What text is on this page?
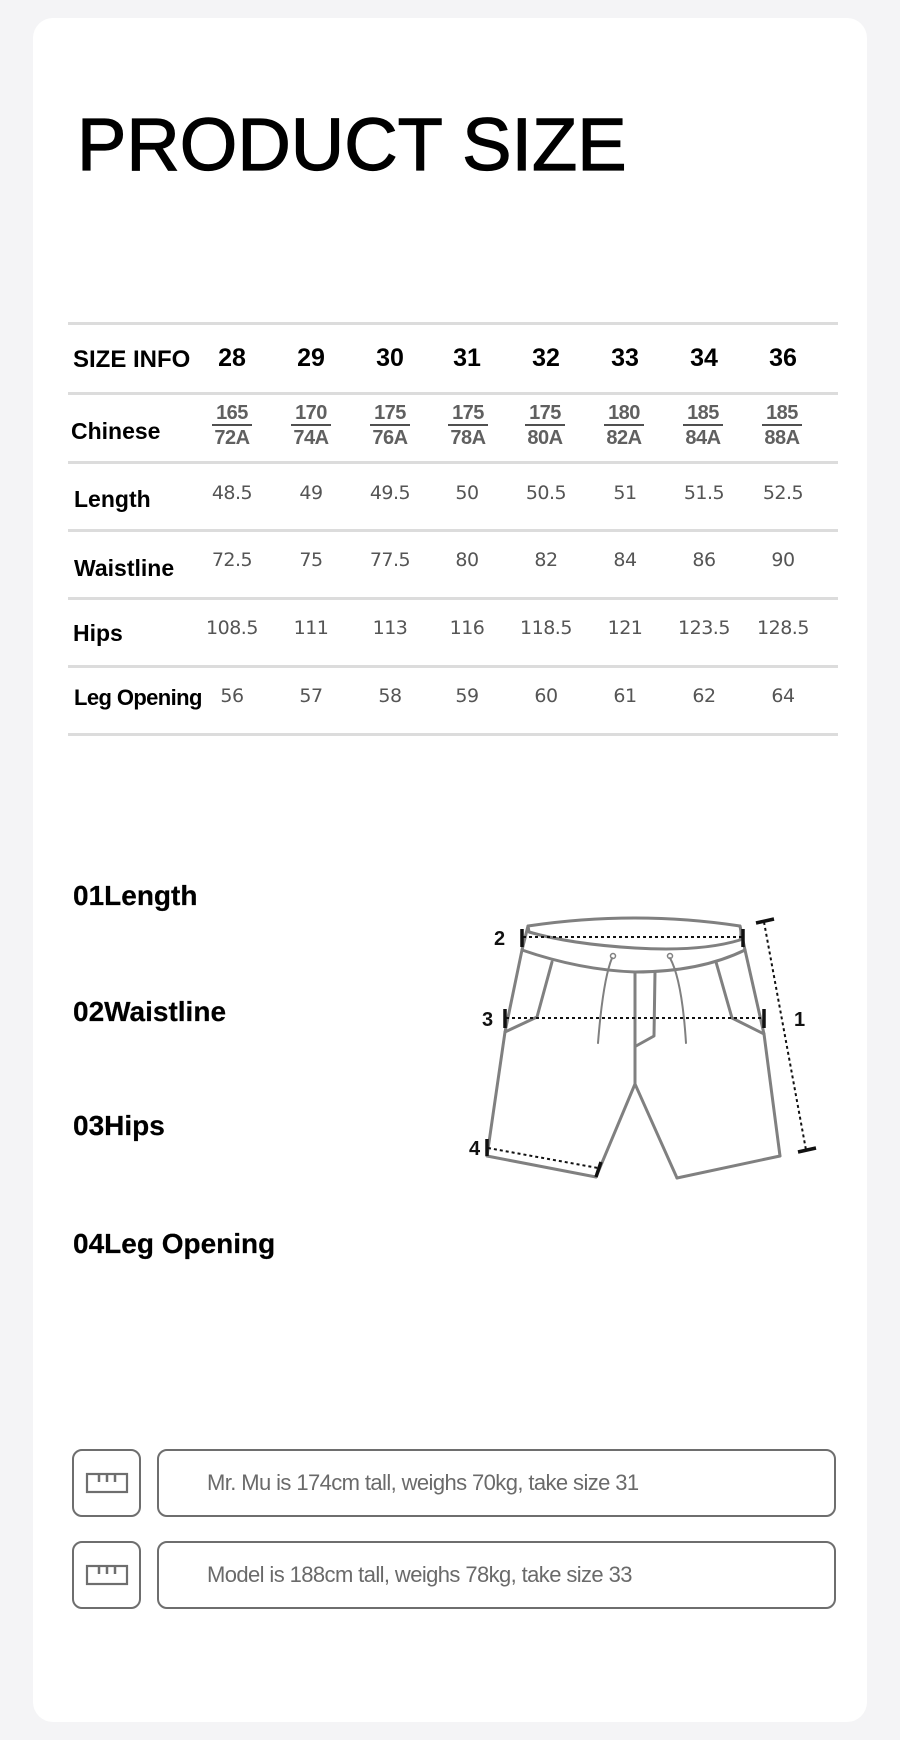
PRODUCT SIZE
SIZE INFO	28	29	30	31	32	33	34	36
Chinese $\frac{165}{72A} \frac{170}{74A} \frac{175}{76A} \frac{175}{78A} \frac{175}{80A} \frac{180}{82A} \frac{185}{84A} \frac{185}{88A}$
Length	48.5	49	49.5	50	50.5	51	51.5	52.5
Waistline	72.5	75	77.5	80	82	84	86	90
Hips	108.5	111	113	116	118.5	121	123.5	128.5
Leg Opening 56	57	58	59	60	61	62	64
01Length
02Waistline
03Hips
04Leg Opening
2
3
4
1
Mr. Mu is 174cm tall, weighs 70kg, take size 31
Model is 188cm tall, weighs 78kg, take size 33
